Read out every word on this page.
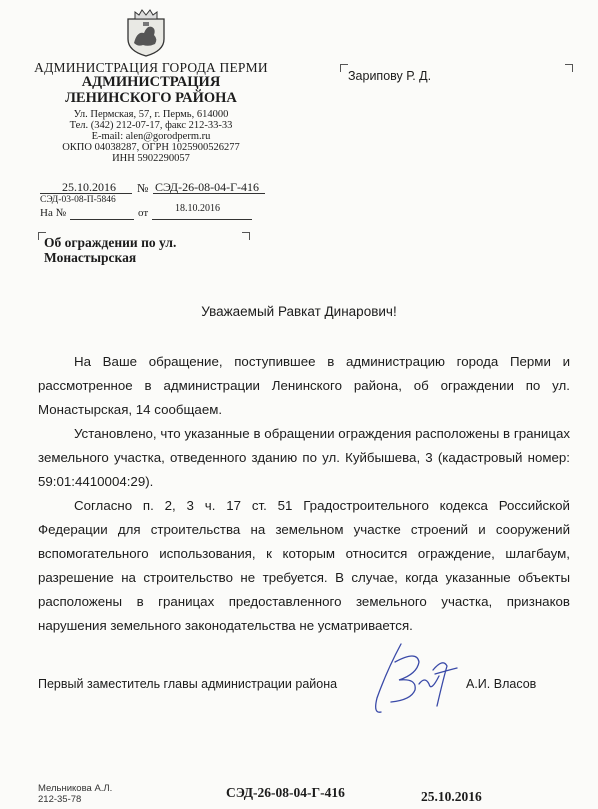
АДМИНИСТРАЦИЯ ГОРОДА ПЕРМИ
АДМИНИСТРАЦИЯ
ЛЕНИНСКОГО РАЙОНА
Ул. Пермская, 57, г. Пермь, 614000
Тел. (342) 212-07-17, факс 212-33-33
E-mail: alen@gorodperm.ru
ОКПО 04038287, ОГРН 1025900526277
ИНН 5902290057
Зарипову Р. Д.
25.10.2016 № СЭД-26-08-04-Г-416
СЭД-03-08-П-5846
На №	от	18.10.2016
Об ограждении по ул.
Монастырская
Уважаемый Равкат Динарович!
На Ваше обращение, поступившее в администрацию города Перми и рассмотренное в администрации Ленинского района, об ограждении по ул. Монастырская, 14 сообщаем.
Установлено, что указанные в обращении ограждения расположены в границах земельного участка, отведенного зданию по ул. Куйбышева, 3 (кадастровый номер: 59:01:4410004:29).
Согласно п. 2, 3 ч. 17 ст. 51 Градостроительного кодекса Российской Федерации для строительства на земельном участке строений и сооружений вспомогательного использования, к которым относится ограждение, шлагбаум, разрешение на строительство не требуется. В случае, когда указанные объекты расположены в границах предоставленного земельного участка, признаков нарушения земельного законодательства не усматривается.
Первый заместитель главы администрации района	А.И. Власов
Мельникова А.Л.
212-35-78	СЭД-26-08-04-Г-416	25.10.2016
